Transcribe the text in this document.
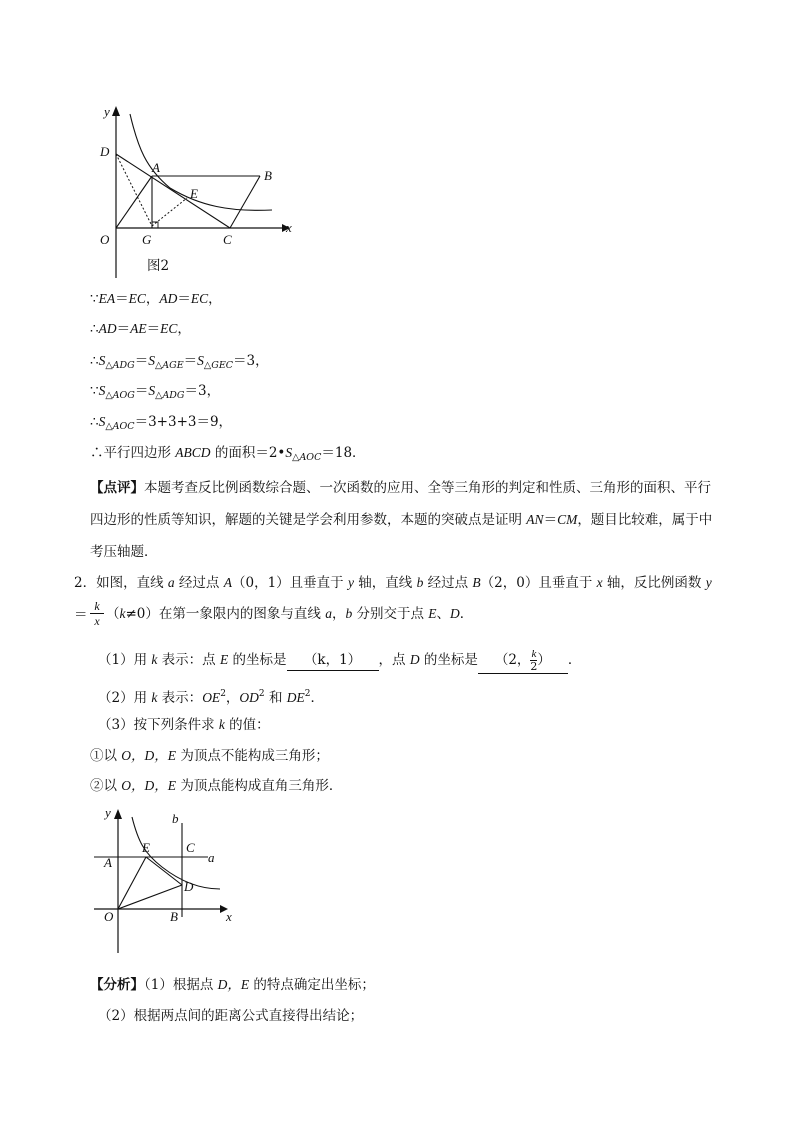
y
x
D
A
B
E
O	G	C
图2
∵EA＝EC，AD＝EC，
∴AD＝AE＝EC，
$\therefore S_{\triangle ADG}=S_{\triangle AGE}=S_{\triangle GEC}=3$，
$\because S_{\triangle AOG}=S_{\triangle ADG}=3$，
$\therefore S_{\triangle AOC}=3+3+3=9$，
∴平行四边形 ABCD 的面积$=2•S_{\triangle AOC}=18$．
【点评】本题考查反比例函数综合题、一次函数的应用、全等三角形的判定和性质、三角形的面积、平行四边形的性质等知识，解题的关键是学会利用参数，本题的突破点是证明 AN＝CM，题目比较难，属于中考压轴题．
2．如图，直线 a 经过点 A（0，1）且垂直于 y 轴，直线 b 经过点 B（2，0）且垂直于 x 轴，反比例函数 y＝
k
x （k≠0）在第一象限内的图象与直线 a，b 分别交于点 E、D．
（1）用 k 表示：点 E 的坐标是 （k，1） ，点 D 的坐标是 （2， $\frac{k}{2}$ ） ．
（2）用 k 表示：$OE^2$，$OD^2$ 和 $DE^2$．
（3）按下列条件求 k 的值：
①以 O，D，E 为顶点不能构成三角形；
②以 O，D，E 为顶点能构成直角三角形．
y	b
E	C
a
A
D
O	B	x
【分析】（1）根据点 D，E 的特点确定出坐标；
（2）根据两点间的距离公式直接得出结论；
